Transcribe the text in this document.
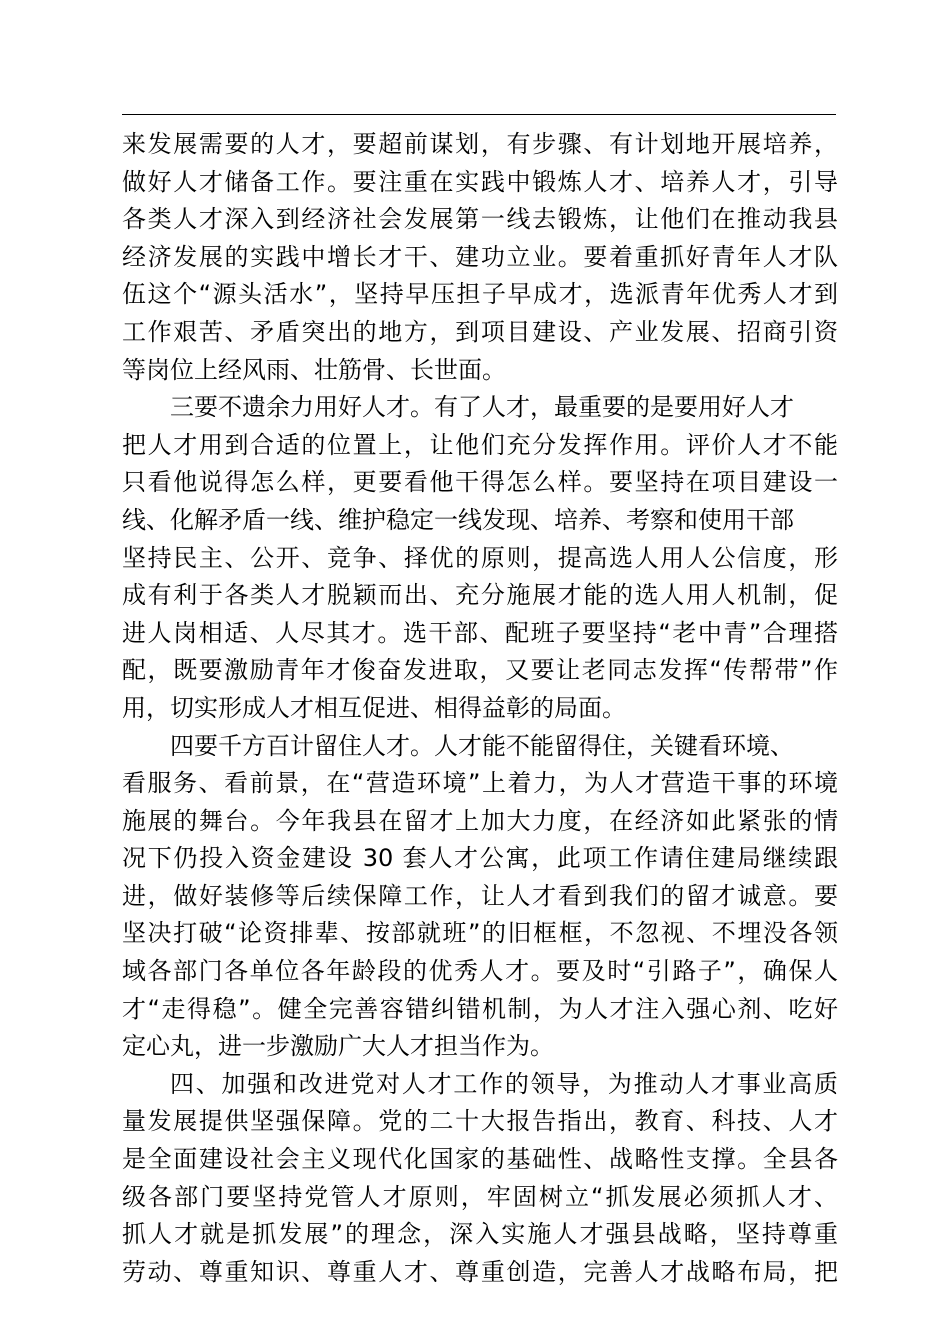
来发展需要的人才，要超前谋划，有步骤、有计划地开展培养，
做好人才储备工作。要注重在实践中锻炼人才、培养人才，引导
各类人才深入到经济社会发展第一线去锻炼，让他们在推动我县
经济发展的实践中增长才干、建功立业。要着重抓好青年人才队
伍这个“源头活水”，坚持早压担子早成才，选派青年优秀人才到
工作艰苦、矛盾突出的地方，到项目建设、产业发展、招商引资
等岗位上经风雨、壮筋骨、长世面。
三要不遗余力用好人才。有了人才，最重要的是要用好人才
把人才用到合适的位置上，让他们充分发挥作用。评价人才不能
只看他说得怎么样，更要看他干得怎么样。要坚持在项目建设一
线、化解矛盾一线、维护稳定一线发现、培养、考察和使用干部
坚持民主、公开、竞争、择优的原则，提高选人用人公信度，形
成有利于各类人才脱颖而出、充分施展才能的选人用人机制，促
进人岗相适、人尽其才。选干部、配班子要坚持“老中青”合理搭
配，既要激励青年才俊奋发进取，又要让老同志发挥“传帮带”作
用，切实形成人才相互促进、相得益彰的局面。
四要千方百计留住人才。人才能不能留得住，关键看环境、
看服务、看前景，在“营造环境”上着力，为人才营造干事的环境
施展的舞台。今年我县在留才上加大力度，在经济如此紧张的情
况下仍投入资金建设 30 套人才公寓，此项工作请住建局继续跟
进，做好装修等后续保障工作，让人才看到我们的留才诚意。要
坚决打破“论资排辈、按部就班”的旧框框，不忽视、不埋没各领
域各部门各单位各年龄段的优秀人才。要及时“引路子”，确保人
才“走得稳”。健全完善容错纠错机制，为人才注入强心剂、吃好
定心丸，进一步激励广大人才担当作为。
四、加强和改进党对人才工作的领导，为推动人才事业高质
量发展提供坚强保障。党的二十大报告指出，教育、科技、人才
是全面建设社会主义现代化国家的基础性、战略性支撑。全县各
级各部门要坚持党管人才原则，牢固树立“抓发展必须抓人才、
抓人才就是抓发展”的理念，深入实施人才强县战略，坚持尊重
劳动、尊重知识、尊重人才、尊重创造，完善人才战略布局，把
